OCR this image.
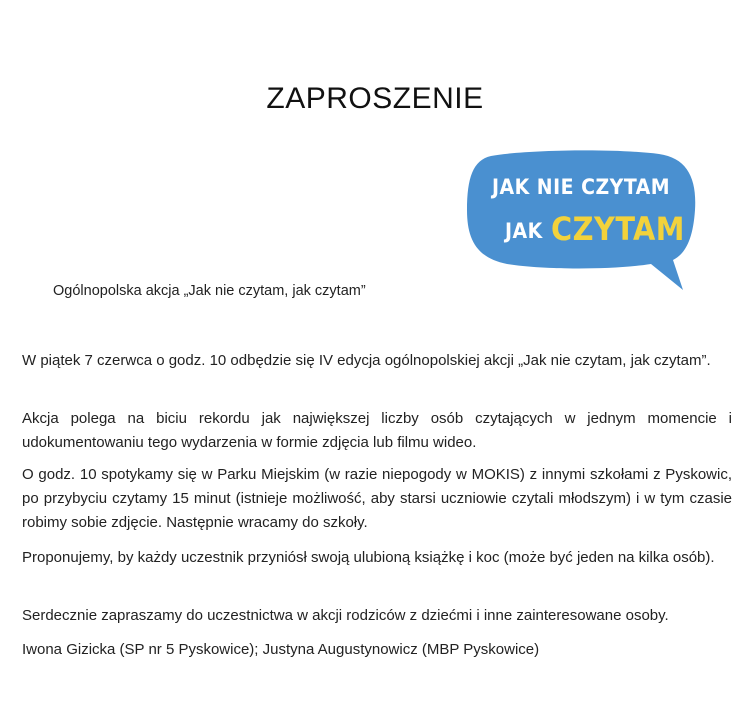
ZAPROSZENIE
JAK NIE CZYTAM
JAK CZYTAM
Ogólnopolska akcja „Jak nie czytam, jak czytam”
W piątek 7 czerwca o godz. 10 odbędzie się IV edycja ogólnopolskiej akcji „Jak nie czytam, jak czytam”.
Akcja polega na biciu rekordu jak największej liczby osób czytających w jednym momencie i udokumentowaniu tego wydarzenia w formie zdjęcia lub filmu wideo.
O godz. 10 spotykamy się w Parku Miejskim (w razie niepogody w MOKIS) z innymi szkołami z Pyskowic, po przybyciu czytamy 15 minut (istnieje możliwość, aby starsi uczniowie czytali młodszym) i w tym czasie robimy sobie zdjęcie. Następnie wracamy do szkoły.
Proponujemy, by każdy uczestnik przyniósł swoją ulubioną książkę i koc (może być jeden na kilka osób).
Serdecznie zapraszamy do uczestnictwa w akcji rodziców z dziećmi i inne zainteresowane osoby.
Iwona Gizicka (SP nr 5 Pyskowice); Justyna Augustynowicz (MBP Pyskowice)
